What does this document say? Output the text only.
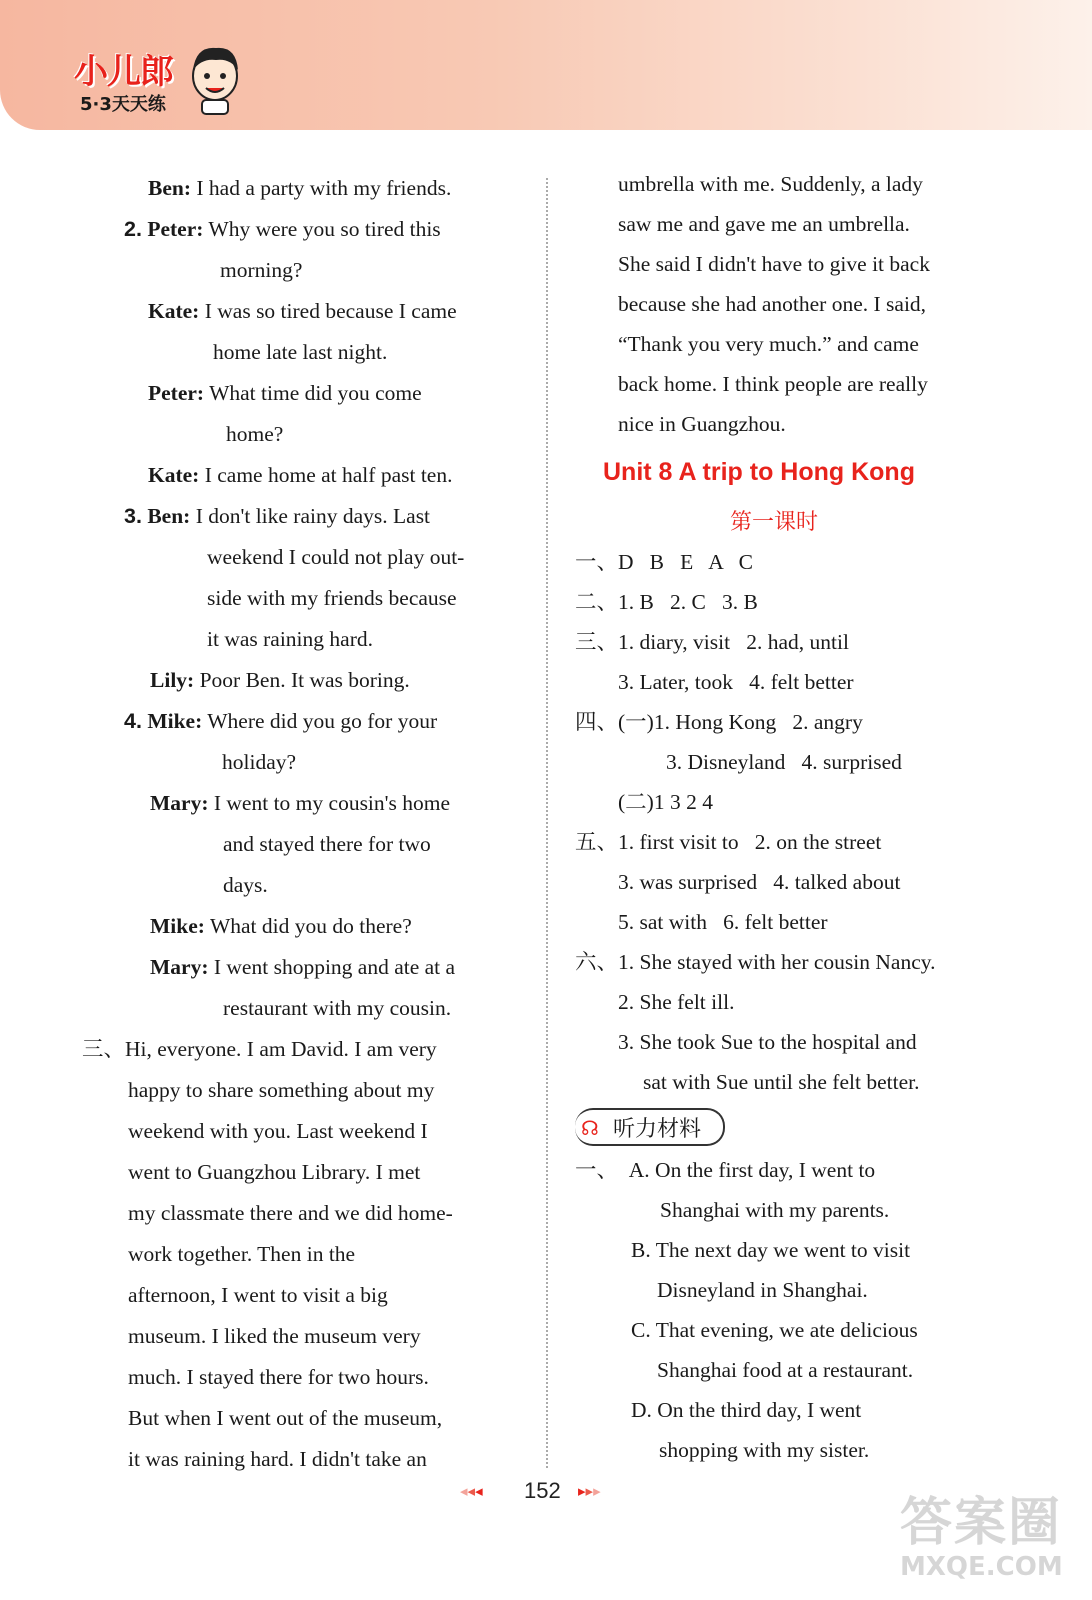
小儿郎
5·3天天练
Ben: I had a party with my friends.
2. Peter: Why were you so tired this
morning?
Kate: I was so tired because I came
home late last night.
Peter: What time did you come
home?
Kate: I came home at half past ten.
3. Ben: I don't like rainy days. Last
weekend I could not play out-
side with my friends because
it was raining hard.
Lily: Poor Ben. It was boring.
4. Mike: Where did you go for your
holiday?
Mary: I went to my cousin's home
and stayed there for two
days.
Mike: What did you do there?
Mary: I went shopping and ate at a
restaurant with my cousin.
三、Hi, everyone. I am David. I am very
happy to share something about my
weekend with you. Last weekend I
went to Guangzhou Library. I met
my classmate there and we did home-
work together. Then in the
afternoon, I went to visit a big
museum. I liked the museum very
much. I stayed there for two hours.
But when I went out of the museum,
it was raining hard. I didn't take an
umbrella with me. Suddenly, a lady
saw me and gave me an umbrella.
She said I didn't have to give it back
because she had another one. I said,
“Thank you very much.” and came
back home. I think people are really
nice in Guangzhou.
Unit 8 A trip to Hong Kong
第一课时
一、D   B   E   A   C
二、1. B   2. C   3. B
三、1. diary, visit   2. had, until
3. Later, took   4. felt better
四、(一)1. Hong Kong   2. angry
3. Disneyland   4. surprised
(二)1 3 2 4
五、1. first visit to   2. on the street
3. was surprised   4. talked about
5. sat with   6. felt better
六、1. She stayed with her cousin Nancy.
2. She felt ill.
3. She took Sue to the hospital and
sat with Sue until she felt better.
☊ 听力材料
一、 A. On the first day, I went to
Shanghai with my parents.
B. The next day we went to visit
Disneyland in Shanghai.
C. That evening, we ate delicious
Shanghai food at a restaurant.
D. On the third day, I went
shopping with my sister.
◂◂◂ 152 ▸▸▸
答案圈
MXQE.COM
